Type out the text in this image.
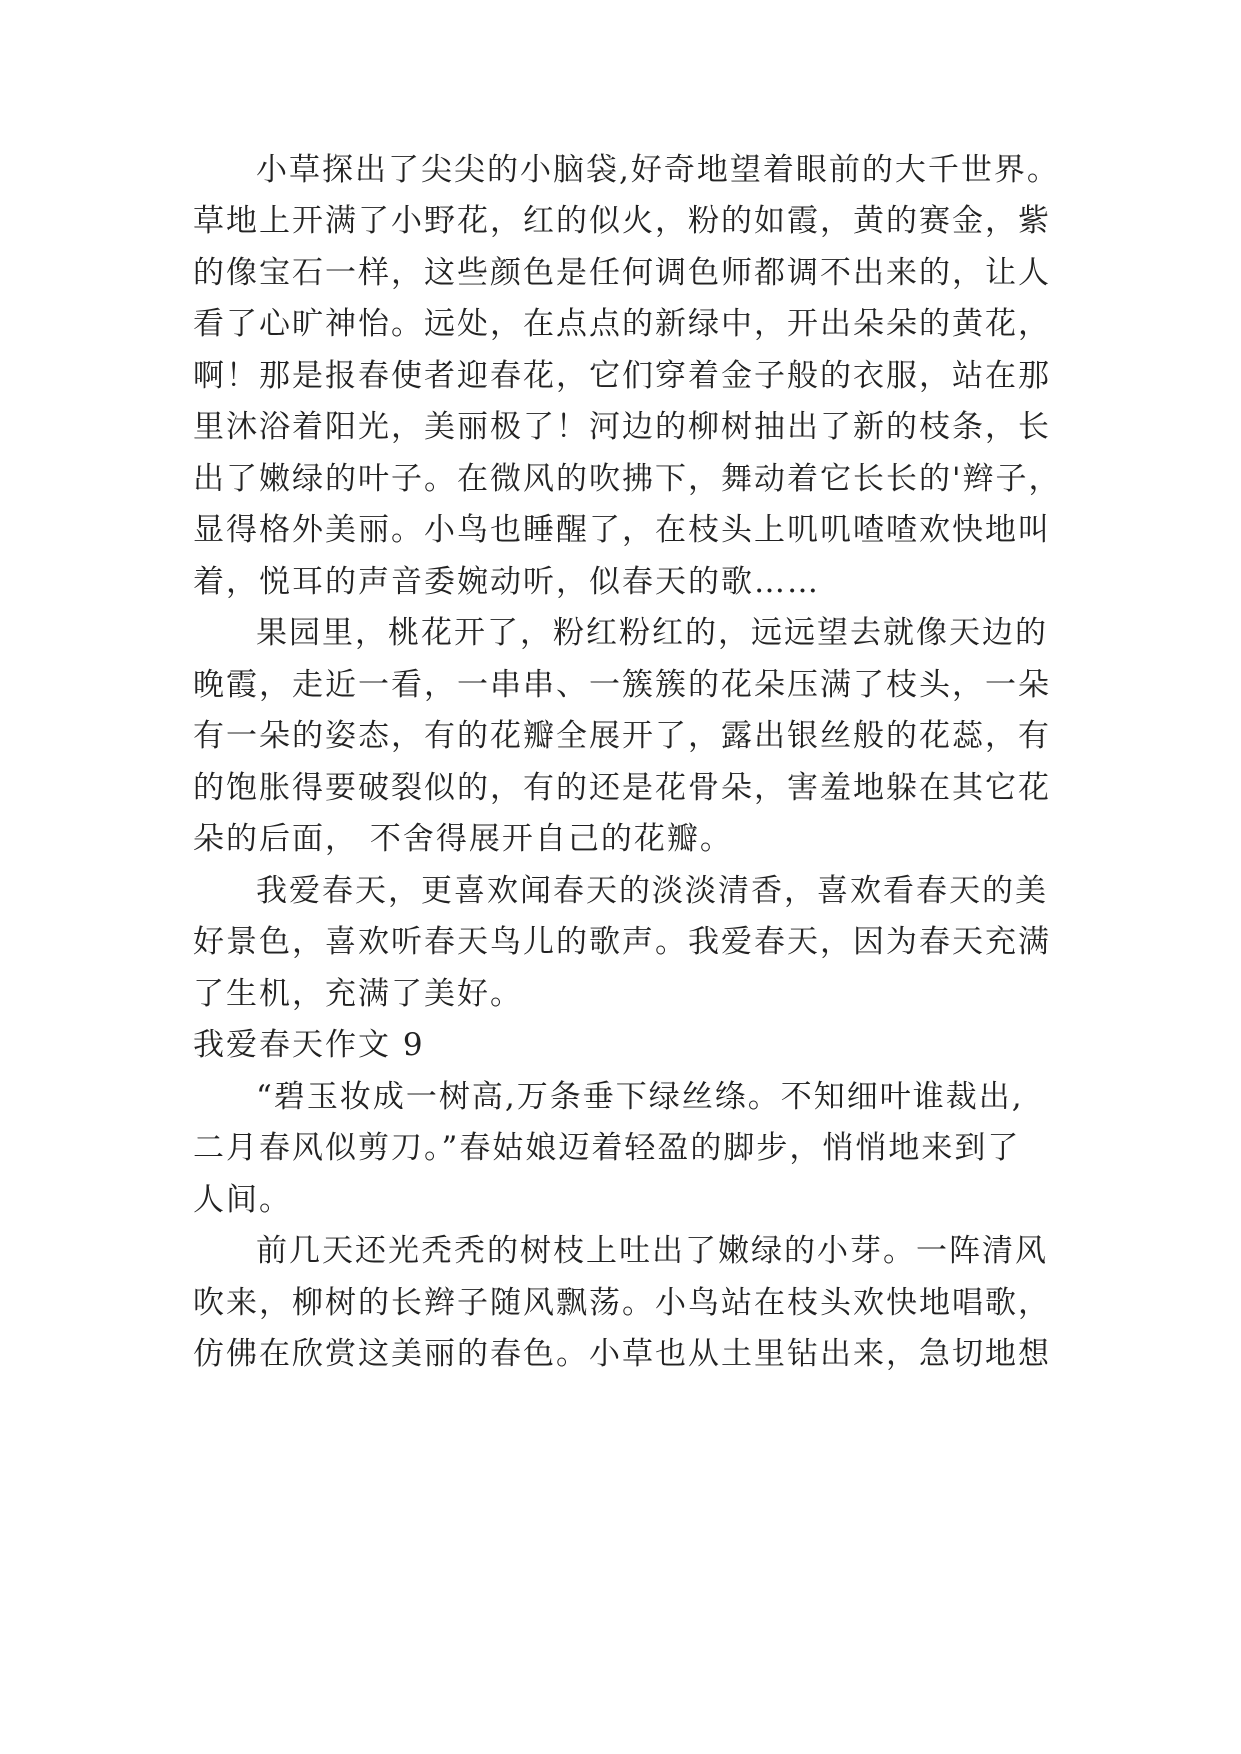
小草探出了尖尖的小脑袋,好奇地望着眼前的大千世界。
草地上开满了小野花，红的似火，粉的如霞，黄的赛金，紫
的像宝石一样，这些颜色是任何调色师都调不出来的，让人
看了心旷神怡。远处，在点点的新绿中，开出朵朵的黄花，
啊！那是报春使者迎春花，它们穿着金子般的衣服，站在那
里沐浴着阳光，美丽极了！河边的柳树抽出了新的枝条，长
出了嫩绿的叶子。在微风的吹拂下，舞动着它长长的'辫子，
显得格外美丽。小鸟也睡醒了，在枝头上叽叽喳喳欢快地叫
着，悦耳的声音委婉动听，似春天的歌……
果园里，桃花开了，粉红粉红的，远远望去就像天边的
晚霞，走近一看，一串串、一簇簇的花朵压满了枝头，一朵
有一朵的姿态，有的花瓣全展开了，露出银丝般的花蕊，有
的饱胀得要破裂似的，有的还是花骨朵，害羞地躲在其它花
朵的后面， 不舍得展开自己的花瓣。
我爱春天，更喜欢闻春天的淡淡清香，喜欢看春天的美
好景色，喜欢听春天鸟儿的歌声。我爱春天，因为春天充满
了生机，充满了美好。
我爱春天作文 9
“碧玉妆成一树高,万条垂下绿丝绦。不知细叶谁裁出,
二月春风似剪刀。”春姑娘迈着轻盈的脚步，悄悄地来到了
人间。
前几天还光秃秃的树枝上吐出了嫩绿的小芽。一阵清风
吹来，柳树的长辫子随风飘荡。小鸟站在枝头欢快地唱歌，
仿佛在欣赏这美丽的春色。小草也从土里钻出来，急切地想
